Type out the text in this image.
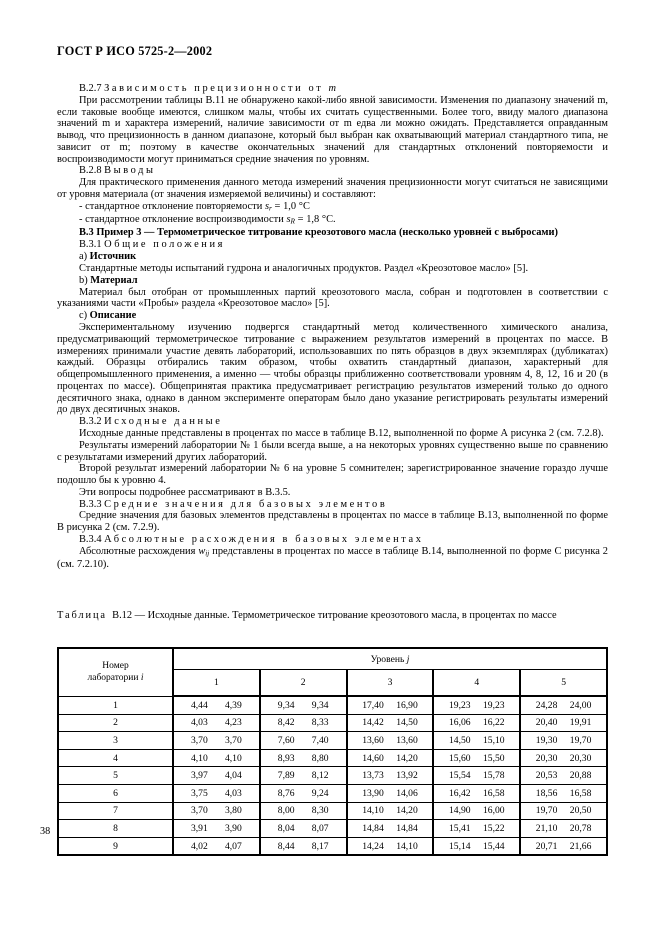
ГОСТ Р ИСО 5725-2—2002
В.2.7 Зависимость прецизионности от m

При рассмотрении таблицы В.11 не обнаружено какой-либо явной зависимости. Изменения по диапазону значений m, если таковые вообще имеются, слишком малы, чтобы их считать существенными. Более того, ввиду малого диапазона значений m и характера измерений, наличие зависимости от m едва ли можно ожидать. Представляется оправданным вывод, что прецизионность в данном диапазоне, который был выбран как охватывающий материал стандартного типа, не зависит от m; поэтому в качестве окончательных значений для стандартных отклонений повторяемости и воспроизводимости могут приниматься средние значения по уровням.

В.2.8 Выводы

Для практического применения данного метода измерений значения прецизионности могут считаться не зависящими от уровня материала (от значения измеряемой величины) и составляют:

- стандартное отклонение повторяемости $s_r = 1,0$ °C

- стандартное отклонение воспроизводимости $s_R = 1,8$ °C.

В.3 Пример 3 — Термометрическое титрование креозотового масла (несколько уровней с выбросами)
В.3.1 Общие положения
a) Источник

Стандартные методы испытаний гудрона и аналогичных продуктов. Раздел «Креозотовое масло» [5].

b) Материал

Материал был отобран от промышленных партий креозотового масла, собран и подготовлен в соответствии с указаниями части «Пробы» раздела «Креозотовое масло» [5].

c) Описание

Экспериментальному изучению подвергся стандартный метод количественного химического анализа, предусматривающий термометрическое титрование с выражением результатов измерений в процентах по массе. В измерениях принимали участие девять лабораторий, использовавших по пять образцов в двух экземплярах (дубликатах) каждый. Образцы отбирались таким образом, чтобы охватить стандартный диапазон, характерный для общепромышленного применения, а именно — чтобы образцы приближенно соответствовали уровням 4, 8, 12, 16 и 20 (в процентах по массе). Общепринятая практика предусматривает регистрацию результатов измерений только до одного десятичного знака, однако в данном эксперименте операторам было дано указание регистрировать результаты измерений до двух десятичных знаков.

В.3.2 Исходные данные

Исходные данные представлены в процентах по массе в таблице В.12, выполненной по форме А рисунка 2 (см. 7.2.8).

Результаты измерений лаборатории № 1 были всегда выше, а на некоторых уровнях существенно выше по сравнению с результатами измерений других лабораторий.

Второй результат измерений лаборатории № 6 на уровне 5 сомнителен; зарегистрированное значение гораздо лучше подошло бы к уровню 4.

Эти вопросы подробнее рассматривают в В.3.5.

В.3.3 Средние значения для базовых элементов

Средние значения для базовых элементов представлены в процентах по массе в таблице В.13, выполненной по форме В рисунка 2 (см. 7.2.9).

В.3.4 Абсолютные расхождения в базовых элементах

Абсолютные расхождения $w_{ij}$ представлены в процентах по массе в таблице В.14, выполненной по форме С рисунка 2 (см. 7.2.10).

Таблица В.12 — Исходные данные. Термометрическое титрование креозотового масла, в процентах по массе
Номер
лаборатории i	Уровень j				
	1	2	3	4	5
1	4,44 4,39	9,34 9,34	17,40 16,90	19,23 19,23	24,28 24,00
2	4,03 4,23	8,42 8,33	14,42 14,50	16,06 16,22	20,40 19,91
3	3,70 3,70	7,60 7,40	13,60 13,60	14,50 15,10	19,30 19,70
4	4,10 4,10	8,93 8,80	14,60 14,20	15,60 15,50	20,30 20,30
5	3,97 4,04	7,89 8,12	13,73 13,92	15,54 15,78	20,53 20,88
6	3,75 4,03	8,76 9,24	13,90 14,06	16,42 16,58	18,56 16,58
7	3,70 3,80	8,00 8,30	14,10 14,20	14,90 16,00	19,70 20,50
8	3,91 3,90	8,04 8,07	14,84 14,84	15,41 15,22	21,10 20,78
9	4,02 4,07	8,44 8,17	14,24 14,10	15,14 15,44	20,71 21,66
38
